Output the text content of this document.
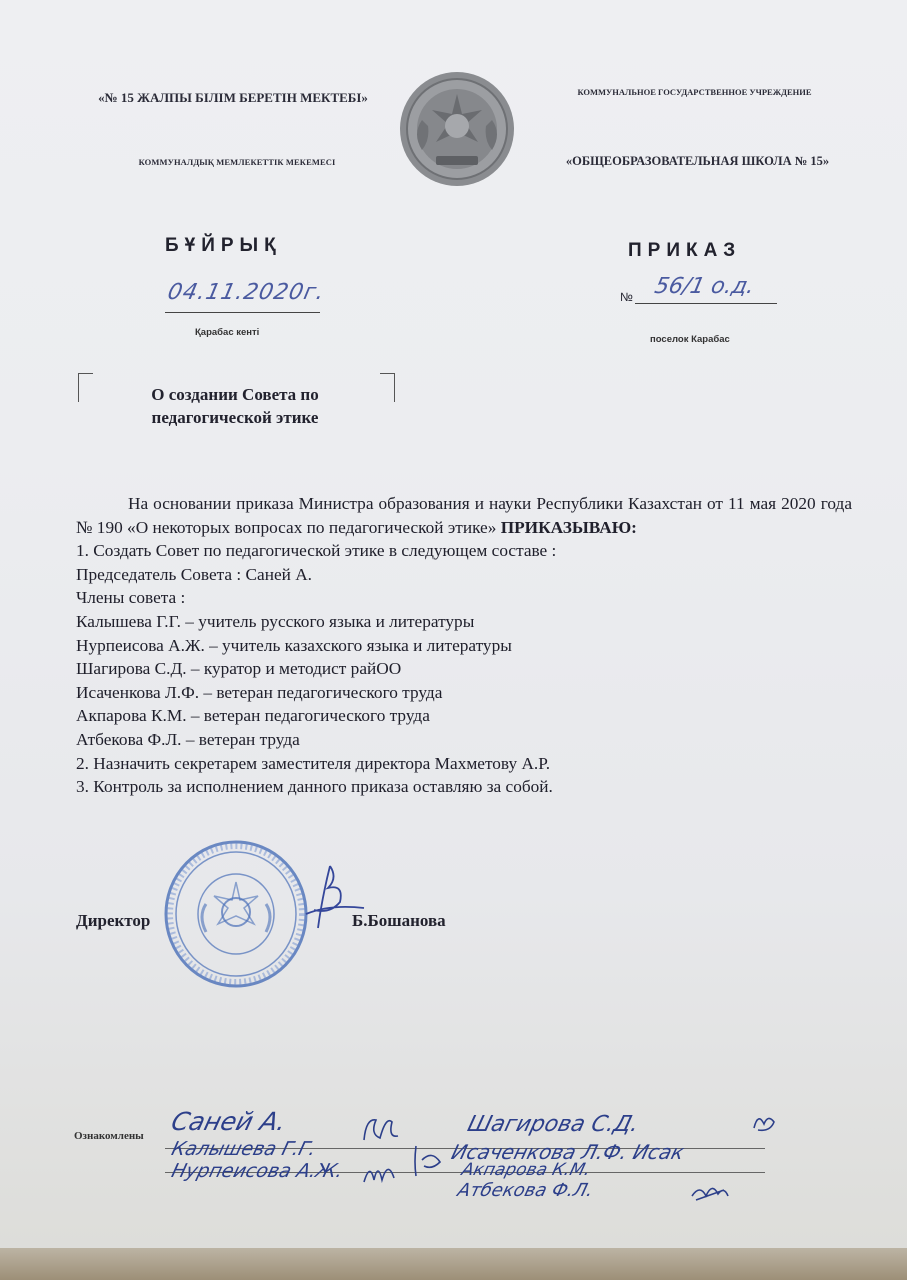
«№ 15 ЖАЛПЫ БІЛІМ БЕРЕТІН МЕКТЕБІ»
КОММУНАЛДЫҚ МЕМЛЕКЕТТІК МЕКЕМЕСІ
КОММУНАЛЬНОЕ ГОСУДАРСТВЕННОЕ УЧРЕЖДЕНИЕ
«ОБЩЕОБРАЗОВАТЕЛЬНАЯ ШКОЛА № 15»
БҰЙРЫҚ	ПРИКАЗ
04.11.2020г.	№ 56/1 о.д.
Қарабас кенті
поселок Карабас
О создании Совета по педагогической этике

На основании приказа Министра образования и науки Республики Казахстан от 11 мая 2020 года № 190 «О некоторых вопросах по педагогической этике» ПРИКАЗЫВАЮ:

1. Создать Совет по педагогической этике в следующем составе :

Председатель Совета : Саней А.

Члены совета :

Калышева Г.Г. – учитель русского языка и литературы

Нурпеисова А.Ж. – учитель казахского языка и литературы

Шагирова С.Д. – куратор и методист райОО

Исаченкова Л.Ф. – ветеран педагогического труда

Акпарова К.М. – ветеран педагогического труда

Атбекова Ф.Л. – ветеран труда

2. Назначить секретарем заместителя директора Махметову А.Р.

3. Контроль за исполнением данного приказа оставляю за собой.

Директор	Б.Бошанова
Ознакомлены Саней А.
Калышева Г.Г.
Нурпеисова А.Ж.
Шагирова С.Д.
Исаченкова Л.Ф. Исак
Акпарова К.М.
Атбекова Ф.Л.
